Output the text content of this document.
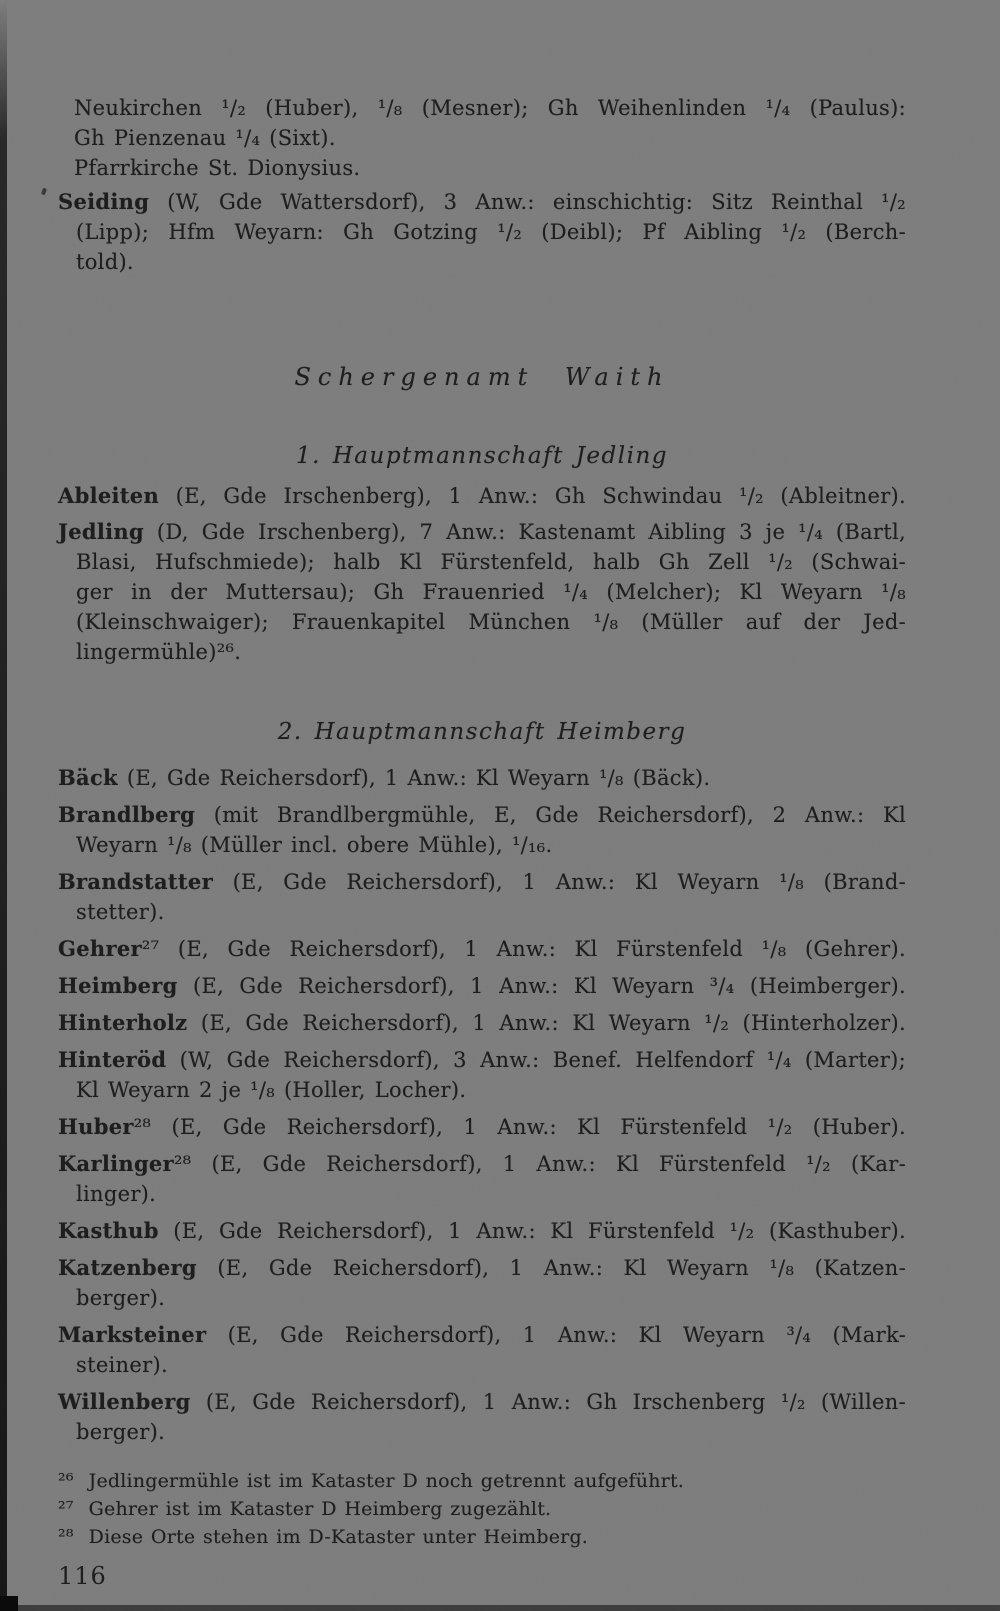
Neukirchen ¹/₂ (Huber), ¹/₈ (Mesner); Gh Weihenlinden ¹/₄ (Paulus):
Gh Pienzenau ¹/₄ (Sixt).
Pfarrkirche St. Dionysius.
Seiding (W, Gde Wattersdorf), 3 Anw.: einschichtig: Sitz Reinthal ¹/₂
(Lipp); Hfm Weyarn: Gh Gotzing ¹/₂ (Deibl); Pf Aibling ¹/₂ (Berch-
told).
Schergenamt Waith
1. Hauptmannschaft Jedling
Ableiten (E, Gde Irschenberg), 1 Anw.: Gh Schwindau ¹/₂ (Ableitner).
Jedling (D, Gde Irschenberg), 7 Anw.: Kastenamt Aibling 3 je ¹/₄ (Bartl,
Blasi, Hufschmiede); halb Kl Fürstenfeld, halb Gh Zell ¹/₂ (Schwai-
ger in der Muttersau); Gh Frauenried ¹/₄ (Melcher); Kl Weyarn ¹/₈
(Kleinschwaiger); Frauenkapitel München ¹/₈ (Müller auf der Jed-
lingermühle)²⁶.
2. Hauptmannschaft Heimberg
Bäck (E, Gde Reichersdorf), 1 Anw.: Kl Weyarn ¹/₈ (Bäck).
Brandlberg (mit Brandlbergmühle, E, Gde Reichersdorf), 2 Anw.: Kl
Weyarn ¹/₈ (Müller incl. obere Mühle), ¹/₁₆.
Brandstatter (E, Gde Reichersdorf), 1 Anw.: Kl Weyarn ¹/₈ (Brand-
stetter).
Gehrer²⁷ (E, Gde Reichersdorf), 1 Anw.: Kl Fürstenfeld ¹/₈ (Gehrer).
Heimberg (E, Gde Reichersdorf), 1 Anw.: Kl Weyarn ³/₄ (Heimberger).
Hinterholz (E, Gde Reichersdorf), 1 Anw.: Kl Weyarn ¹/₂ (Hinterholzer).
Hinteröd (W, Gde Reichersdorf), 3 Anw.: Benef. Helfendorf ¹/₄ (Marter);
Kl Weyarn 2 je ¹/₈ (Holler, Locher).
Huber²⁸ (E, Gde Reichersdorf), 1 Anw.: Kl Fürstenfeld ¹/₂ (Huber).
Karlinger²⁸ (E, Gde Reichersdorf), 1 Anw.: Kl Fürstenfeld ¹/₂ (Kar-
linger).
Kasthub (E, Gde Reichersdorf), 1 Anw.: Kl Fürstenfeld ¹/₂ (Kasthuber).
Katzenberg (E, Gde Reichersdorf), 1 Anw.: Kl Weyarn ¹/₈ (Katzen-
berger).
Marksteiner (E, Gde Reichersdorf), 1 Anw.: Kl Weyarn ³/₄ (Mark-
steiner).
Willenberg (E, Gde Reichersdorf), 1 Anw.: Gh Irschenberg ¹/₂ (Willen-
berger).
²⁶ Jedlingermühle ist im Kataster D noch getrennt aufgeführt.
²⁷ Gehrer ist im Kataster D Heimberg zugezählt.
²⁸ Diese Orte stehen im D-Kataster unter Heimberg.
116
